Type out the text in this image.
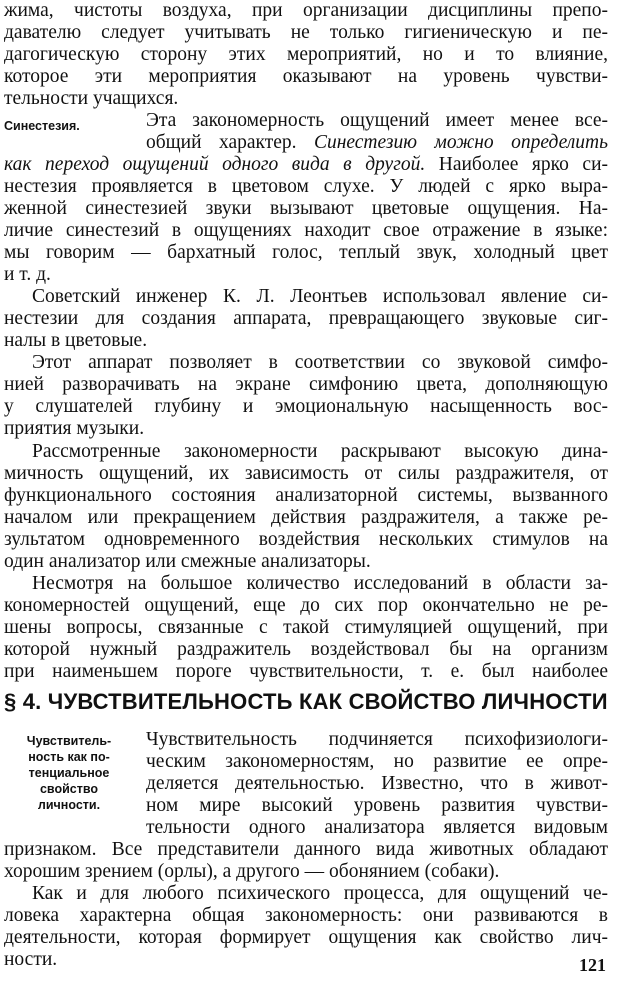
жима, чистоты воздуха, при организации дисциплины препо-
давателю следует учитывать не только гигиеническую и пе-
дагогическую сторону этих мероприятий, но и то влияние,
которое эти мероприятия оказывают на уровень чувстви-
тельности учащихся.
Синестезия.	Эта закономерность ощущений имеет менее все-
общий характер. Синестезию можно определить
как переход ощущений одного вида в другой. Наиболее ярко си-
нестезия проявляется в цветовом слухе. У людей с ярко выра-
женной синестезией звуки вызывают цветовые ощущения. На-
личие синестезий в ощущениях находит свое отражение в языке:
мы говорим — бархатный голос, теплый звук, холодный цвет
и т. д.
Советский инженер К. Л. Леонтьев использовал явление си-
нестезии для создания аппарата, превращающего звуковые сиг-
налы в цветовые.
Этот аппарат позволяет в соответствии со звуковой симфо-
нией разворачивать на экране симфонию цвета, дополняющую
у слушателей глубину и эмоциональную насыщенность вос-
приятия музыки.
Рассмотренные закономерности раскрывают высокую дина-
мичность ощущений, их зависимость от силы раздражителя, от
функционального состояния анализаторной системы, вызванного
началом или прекращением действия раздражителя, а также ре-
зультатом одновременного воздействия нескольких стимулов на
один анализатор или смежные анализаторы.
Несмотря на большое количество исследований в области за-
кономерностей ощущений, еще до сих пор окончательно не ре-
шены вопросы, связанные с такой стимуляцией ощущений, при
которой нужный раздражитель воздействовал бы на организм
при наименьшем пороге чувствительности, т. е. был наиболее
§ 4. ЧУВСТВИТЕЛЬНОСТЬ КАК СВОЙСТВО ЛИЧНОСТИ
Чувствитель-
ность как по-
тенциальное
свойство
личности.
Чувствительность подчиняется психофизиологи-
ческим закономерностям, но развитие ее опре-
деляется деятельностью. Известно, что в живот-
ном мире высокий уровень развития чувстви-
тельности одного анализатора является видовым
признаком. Все представители данного вида животных обладают
хорошим зрением (орлы), а другого — обонянием (собаки).
Как и для любого психического процесса, для ощущений че-
ловека характерна общая закономерность: они развиваются в
деятельности, которая формирует ощущения как свойство лич-
ности.	121
